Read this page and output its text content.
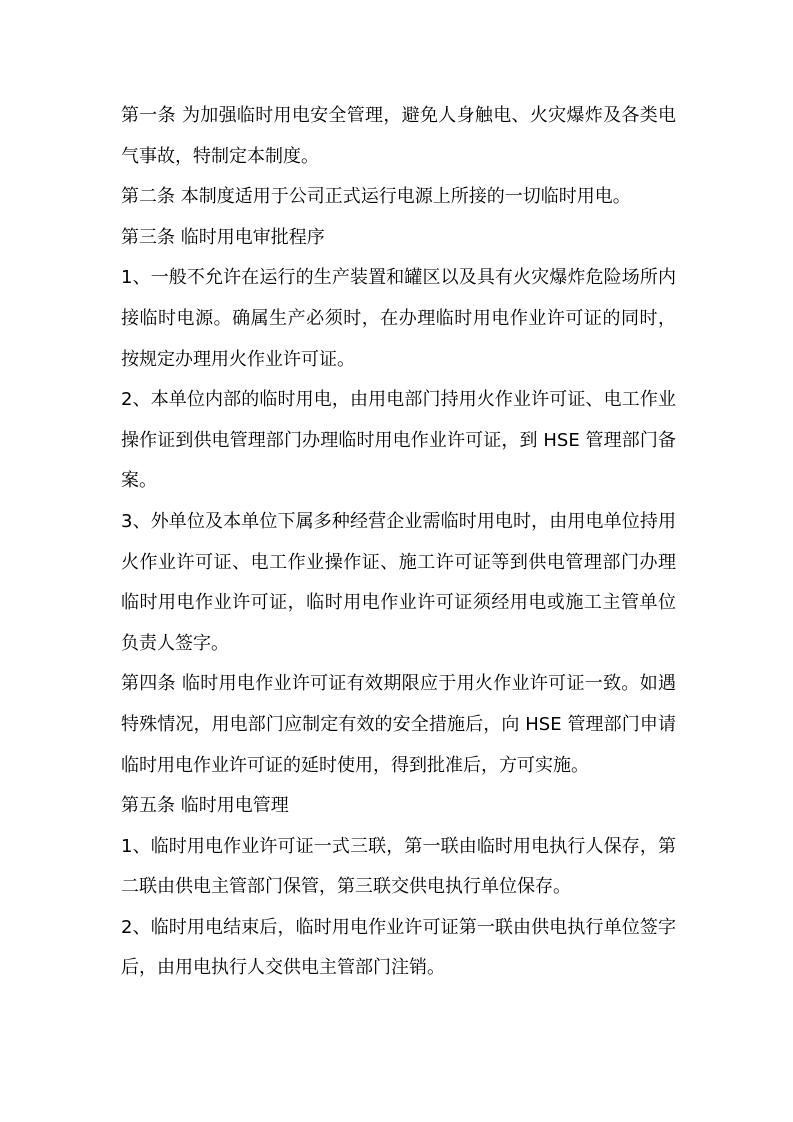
第一条 为加强临时用电安全管理，避免人身触电、火灾爆炸及各类电气事故，特制定本制度。

第二条 本制度适用于公司正式运行电源上所接的一切临时用电。

第三条 临时用电审批程序

1、一般不允许在运行的生产装置和罐区以及具有火灾爆炸危险场所内接临时电源。确属生产必须时，在办理临时用电作业许可证的同时，按规定办理用火作业许可证。

2、本单位内部的临时用电，由用电部门持用火作业许可证、电工作业操作证到供电管理部门办理临时用电作业许可证，到 HSE 管理部门备案。

3、外单位及本单位下属多种经营企业需临时用电时，由用电单位持用火作业许可证、电工作业操作证、施工许可证等到供电管理部门办理临时用电作业许可证，临时用电作业许可证须经用电或施工主管单位负责人签字。

第四条 临时用电作业许可证有效期限应于用火作业许可证一致。如遇特殊情况，用电部门应制定有效的安全措施后，向 HSE 管理部门申请临时用电作业许可证的延时使用，得到批准后，方可实施。

第五条 临时用电管理

1、临时用电作业许可证一式三联，第一联由临时用电执行人保存，第二联由供电主管部门保管，第三联交供电执行单位保存。

2、临时用电结束后，临时用电作业许可证第一联由供电执行单位签字后，由用电执行人交供电主管部门注销。
